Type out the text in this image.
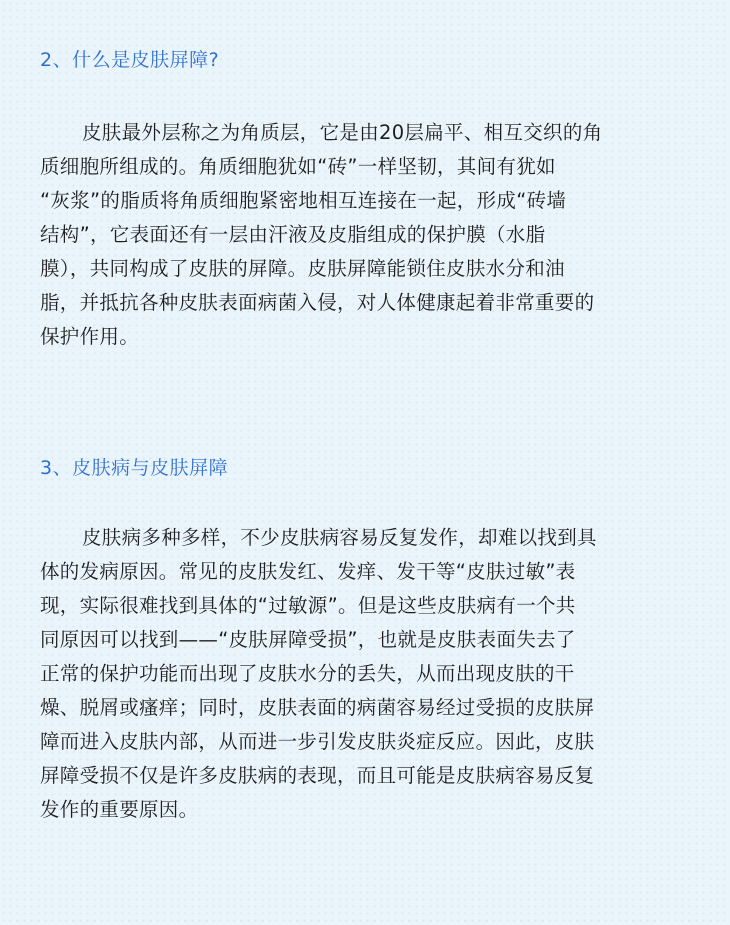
2、什么是皮肤屏障?

皮肤最外层称之为角质层，它是由20层扁平、相互交织的角
质细胞所组成的。角质细胞犹如“砖”一样坚韧，其间有犹如
“灰浆”的脂质将角质细胞紧密地相互连接在一起，形成“砖墙
结构”，它表面还有一层由汗液及皮脂组成的保护膜（水脂
膜），共同构成了皮肤的屏障。皮肤屏障能锁住皮肤水分和油
脂，并抵抗各种皮肤表面病菌入侵，对人体健康起着非常重要的
保护作用。

3、皮肤病与皮肤屏障

皮肤病多种多样，不少皮肤病容易反复发作，却难以找到具
体的发病原因。常见的皮肤发红、发痒、发干等“皮肤过敏”表
现，实际很难找到具体的“过敏源”。但是这些皮肤病有一个共
同原因可以找到——“皮肤屏障受损”，也就是皮肤表面失去了
正常的保护功能而出现了皮肤水分的丢失，从而出现皮肤的干
燥、脱屑或瘙痒；同时，皮肤表面的病菌容易经过受损的皮肤屏
障而进入皮肤内部，从而进一步引发皮肤炎症反应。因此，皮肤
屏障受损不仅是许多皮肤病的表现，而且可能是皮肤病容易反复
发作的重要原因。
